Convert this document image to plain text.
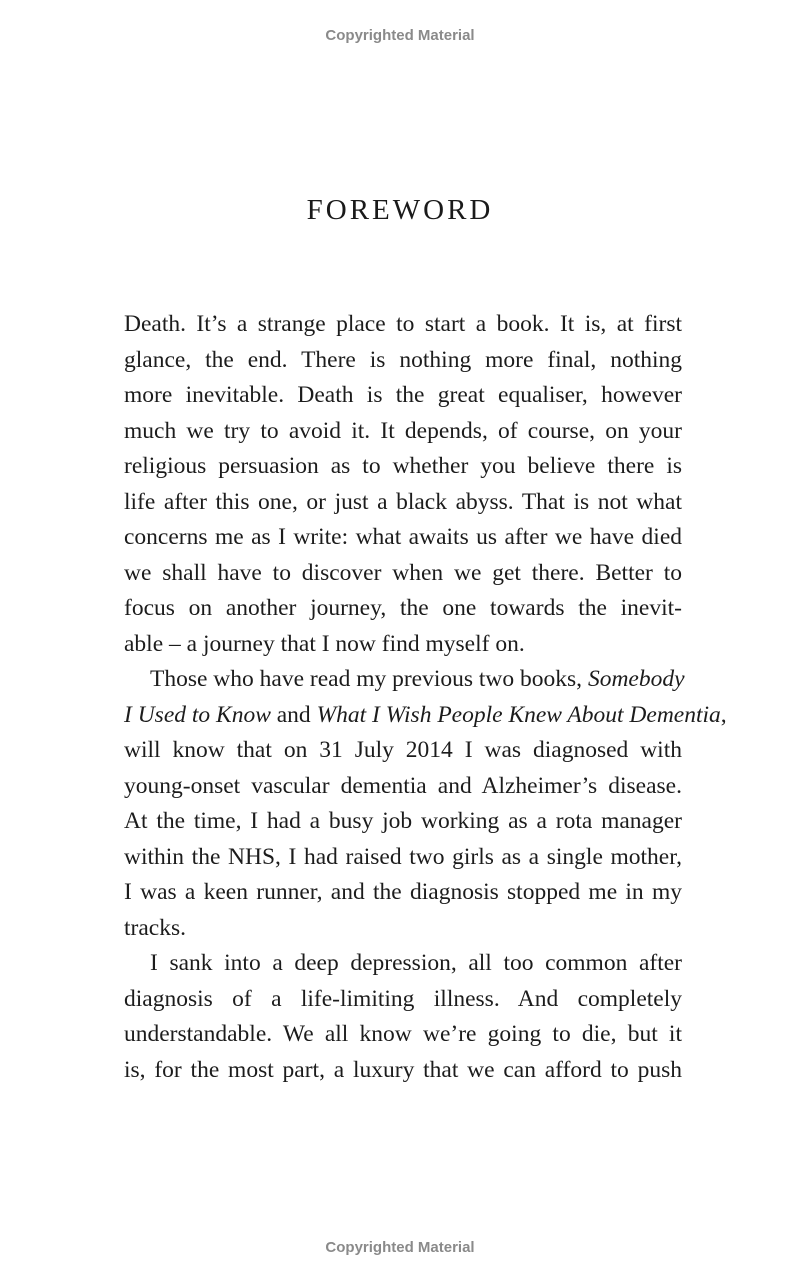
Copyrighted Material
FOREWORD

Death. It’s a strange place to start a book. It is, at first
glance, the end. There is nothing more final, nothing
more inevitable. Death is the great equaliser, however
much we try to avoid it. It depends, of course, on your
religious persuasion as to whether you believe there is
life after this one, or just a black abyss. That is not what
concerns me as I write: what awaits us after we have died
we shall have to discover when we get there. Better to
focus on another journey, the one towards the inevit-
able – a journey that I now find myself on.

Those who have read my previous two books, Somebody
I Used to Know and What I Wish People Knew About Dementia,
will know that on 31 July 2014 I was diagnosed with
young-onset vascular dementia and Alzheimer’s disease.
At the time, I had a busy job working as a rota manager
within the NHS, I had raised two girls as a single mother,
I was a keen runner, and the diagnosis stopped me in my
tracks.

I sank into a deep depression, all too common after
diagnosis of a life-limiting illness. And completely
understandable. We all know we’re going to die, but it
is, for the most part, a luxury that we can afford to push

Copyrighted Material
